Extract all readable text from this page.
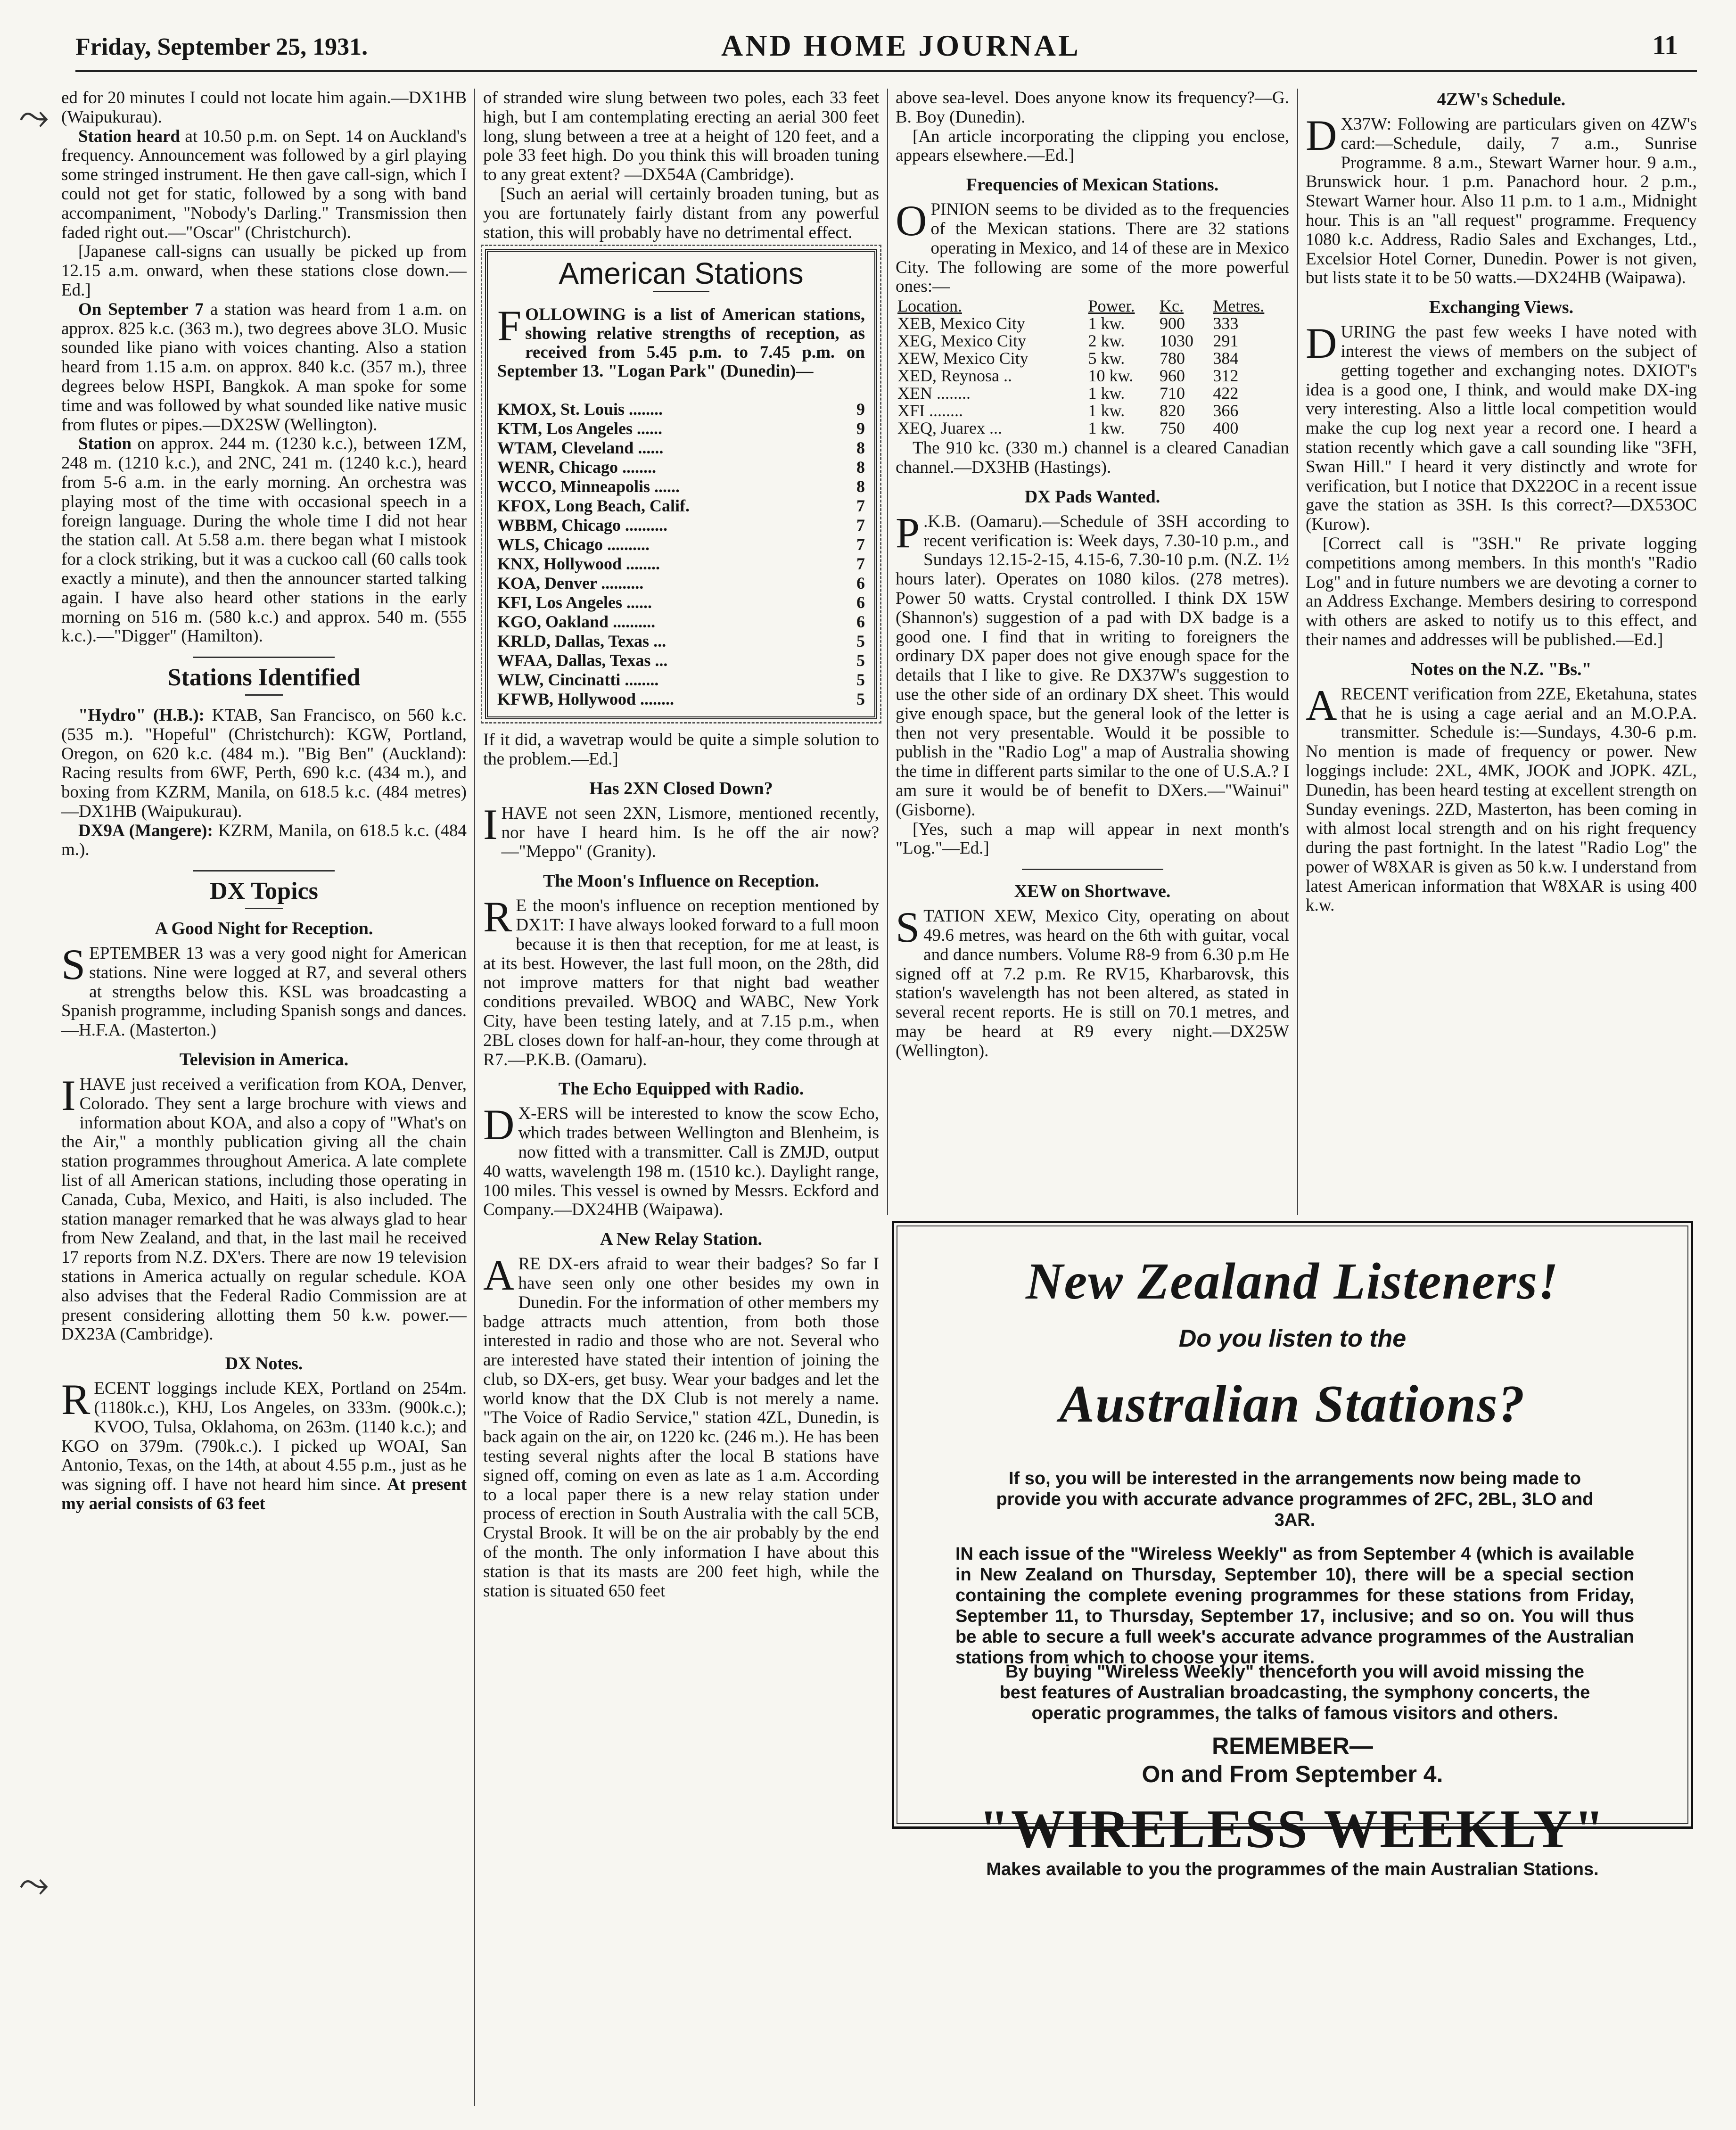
Friday, September 25, 1931.	AND HOME JOURNAL	11
⤳
⤳

ed for 20 minutes I could not locate him again.—DX1HB (Waipukurau).

Station heard at 10.50 p.m. on Sept. 14 on Auckland's frequency. Announcement was followed by a girl playing some stringed instrument. He then gave call-sign, which I could not get for static, followed by a song with band accompaniment, "Nobody's Darling." Transmission then faded right out.—"Oscar" (Christchurch).

[Japanese call-signs can usually be picked up from 12.15 a.m. onward, when these stations close down.—Ed.]

On September 7 a station was heard from 1 a.m. on approx. 825 k.c. (363 m.), two degrees above 3LO. Music sounded like piano with voices chanting. Also a station heard from 1.15 a.m. on approx. 840 k.c. (357 m.), three degrees below HSPI, Bangkok. A man spoke for some time and was followed by what sounded like native music from flutes or pipes.—DX2SW (Wellington).

Station on approx. 244 m. (1230 k.c.), between 1ZM, 248 m. (1210 k.c.), and 2NC, 241 m. (1240 k.c.), heard from 5-6 a.m. in the early morning. An orchestra was playing most of the time with occasional speech in a foreign language. During the whole time I did not hear the station call. At 5.58 a.m. there began what I mistook for a clock striking, but it was a cuckoo call (60 calls took exactly a minute), and then the announcer started talking again. I have also heard other stations in the early morning on 516 m. (580 k.c.) and approx. 540 m. (555 k.c.).—"Digger" (Hamilton).

Stations Identified

"Hydro" (H.B.): KTAB, San Francisco, on 560 k.c. (535 m.). "Hopeful" (Christchurch): KGW, Portland, Oregon, on 620 k.c. (484 m.). "Big Ben" (Auckland): Racing results from 6WF, Perth, 690 k.c. (434 m.), and boxing from KZRM, Manila, on 618.5 k.c. (484 metres) —DX1HB (Waipukurau).

DX9A (Mangere): KZRM, Manila, on 618.5 k.c. (484 m.).

DX Topics
A Good Night for Reception.

SEPTEMBER 13 was a very good night for American stations. Nine were logged at R7, and several others at strengths below this. KSL was broadcasting a Spanish programme, including Spanish songs and dances.—H.F.A. (Masterton.)

Television in America.

IHAVE just received a verification from KOA, Denver, Colorado. They sent a large brochure with views and information about KOA, and also a copy of "What's on the Air," a monthly publication giving all the chain station programmes throughout America. A late complete list of all American stations, including those operating in Canada, Cuba, Mexico, and Haiti, is also included. The station manager remarked that he was always glad to hear from New Zealand, and that, in the last mail he received 17 reports from N.Z. DX'ers. There are now 19 television stations in America actually on regular schedule. KOA also advises that the Federal Radio Commission are at present considering allotting them 50 k.w. power.—DX23A (Cambridge).

DX Notes.

RECENT loggings include KEX, Portland on 254m. (1180k.c.), KHJ, Los Angeles, on 333m. (900k.c.); KVOO, Tulsa, Oklahoma, on 263m. (1140 k.c.); and KGO on 379m. (790k.c.). I picked up WOAI, San Antonio, Texas, on the 14th, at about 4.55 p.m., just as he was signing off. I have not heard him since. At present my aerial consists of 63 feet

of stranded wire slung between two poles, each 33 feet high, but I am contemplating erecting an aerial 300 feet long, slung between a tree at a height of 120 feet, and a pole 33 feet high. Do you think this will broaden tuning to any great extent? —DX54A (Cambridge).

[Such an aerial will certainly broaden tuning, but as you are fortunately fairly distant from any powerful station, this will probably have no detrimental effect.

American Stations
FOLLOWING is a list of American stations, showing relative strengths of reception, as received from 5.45 p.m. to 7.45 p.m. on September 13. "Logan Park" (Dunedin)—
KMOX, St. Louis ........	9
KTM, Los Angeles ......	9
WTAM, Cleveland ......	8
WENR, Chicago ........	8
WCCO, Minneapolis ......	8
KFOX, Long Beach, Calif.	7
WBBM, Chicago ..........	7
WLS, Chicago ..........	7
KNX, Hollywood ........	7
KOA, Denver ..........	6
KFI, Los Angeles ......	6
KGO, Oakland ..........	6
KRLD, Dallas, Texas ...	5
WFAA, Dallas, Texas ...	5
WLW, Cincinatti ........	5
KFWB, Hollywood ........	5

If it did, a wavetrap would be quite a simple solution to the problem.—Ed.]

Has 2XN Closed Down?

IHAVE not seen 2XN, Lismore, mentioned recently, nor have I heard him. Is he off the air now?—"Meppo" (Granity).

The Moon's Influence on Reception.

R E the moon's influence on reception mentioned by DX1T: I have always looked forward to a full moon because it is then that reception, for me at least, is at its best. However, the last full moon, on the 28th, did not improve matters for that night bad weather conditions prevailed. WBOQ and WABC, New York City, have been testing lately, and at 7.15 p.m., when 2BL closes down for half-an-hour, they come through at R7.—P.K.B. (Oamaru).

The Echo Equipped with Radio.

D X-ERS will be interested to know the scow Echo, which trades between Wellington and Blenheim, is now fitted with a transmitter. Call is ZMJD, output 40 watts, wavelength 198 m. (1510 kc.). Daylight range, 100 miles. This vessel is owned by Messrs. Eckford and Company.—DX24HB (Waipawa).

A New Relay Station.

ARE DX-ers afraid to wear their badges? So far I have seen only one other besides my own in Dunedin. For the information of other members my badge attracts much attention, from both those interested in radio and those who are not. Several who are interested have stated their intention of joining the club, so DX-ers, get busy. Wear your badges and let the world know that the DX Club is not merely a name. "The Voice of Radio Service," station 4ZL, Dunedin, is back again on the air, on 1220 kc. (246 m.). He has been testing several nights after the local B stations have signed off, coming on even as late as 1 a.m. According to a local paper there is a new relay station under process of erection in South Australia with the call 5CB, Crystal Brook. It will be on the air probably by the end of the month. The only information I have about this station is that its masts are 200 feet high, while the station is situated 650 feet

above sea-level. Does anyone know its frequency?—G. B. Boy (Dunedin).

[An article incorporating the clipping you enclose, appears elsewhere.—Ed.]

Frequencies of Mexican Stations.

OPINION seems to be divided as to the frequencies of the Mexican stations. There are 32 stations operating in Mexico, and 14 of these are in Mexico City. The following are some of the more powerful ones:—

Location.	Power.	Kc.	Metres.
XEB, Mexico City	1 kw.	900	333
XEG, Mexico City	2 kw.	1030	291
XEW, Mexico City	5 kw.	780	384
XED, Reynosa ..	10 kw.	960	312
XEN ........	1 kw.	710	422
XFI ........	1 kw.	820	366
XEQ, Juarex ...	1 kw.	750	400

The 910 kc. (330 m.) channel is a cleared Canadian channel.—DX3HB (Hastings).

DX Pads Wanted.

P .K.B. (Oamaru).—Schedule of 3SH according to recent verification is: Week days, 7.30-10 p.m., and Sundays 12.15-2-15, 4.15-6, 7.30-10 p.m. (N.Z. 1½ hours later). Operates on 1080 kilos. (278 metres). Power 50 watts. Crystal controlled. I think DX 15W (Shannon's) suggestion of a pad with DX badge is a good one. I find that in writing to foreigners the ordinary DX paper does not give enough space for the details that I like to give. Re DX37W's suggestion to use the other side of an ordinary DX sheet. This would give enough space, but the general look of the letter is then not very presentable. Would it be possible to publish in the "Radio Log" a map of Australia showing the time in different parts similar to the one of U.S.A.? I am sure it would be of benefit to DXers.—"Wainui" (Gisborne).

[Yes, such a map will appear in next month's "Log."—Ed.]

XEW on Shortwave.

STATION XEW, Mexico City, operating on about 49.6 metres, was heard on the 6th with guitar, vocal and dance numbers. Volume R8-9 from 6.30 p.m He signed off at 7.2 p.m. Re RV15, Kharbarovsk, this station's wavelength has not been altered, as stated in several recent reports. He is still on 70.1 metres, and may be heard at R9 every night.—DX25W (Wellington).

4ZW's Schedule.

D X37W: Following are particulars given on 4ZW's card:—Schedule, daily, 7 a.m., Sunrise Programme. 8 a.m., Stewart Warner hour. 9 a.m., Brunswick hour. 1 p.m. Panachord hour. 2 p.m., Stewart Warner hour. Also 11 p.m. to 1 a.m., Midnight hour. This is an "all request" programme. Frequency 1080 k.c. Address, Radio Sales and Exchanges, Ltd., Excelsior Hotel Corner, Dunedin. Power is not given, but lists state it to be 50 watts.—DX24HB (Waipawa).

Exchanging Views.

DURING the past few weeks I have noted with interest the views of members on the subject of getting together and exchanging notes. DXIOT's idea is a good one, I think, and would make DX-ing very interesting. Also a little local competition would make the cup log next year a record one. I heard a station recently which gave a call sounding like "3FH, Swan Hill." I heard it very distinctly and wrote for verification, but I notice that DX22OC in a recent issue gave the station as 3SH. Is this correct?—DX53OC (Kurow).

[Correct call is "3SH." Re private logging competitions among members. In this month's "Radio Log" and in future numbers we are devoting a corner to an Address Exchange. Members desiring to correspond with others are asked to notify us to this effect, and their names and addresses will be published.—Ed.]

Notes on the N.Z. "Bs."

ARECENT verification from 2ZE, Eketahuna, states that he is using a cage aerial and an M.O.P.A. transmitter. Schedule is:—Sundays, 4.30-6 p.m. No mention is made of frequency or power. New loggings include: 2XL, 4MK, JOOK and JOPK. 4ZL, Dunedin, has been heard testing at excellent strength on Sunday evenings. 2ZD, Masterton, has been coming in with almost local strength and on his right frequency during the past fortnight. In the latest "Radio Log" the power of W8XAR is given as 50 k.w. I understand from latest American information that W8XAR is using 400 k.w.

New Zealand Listeners!
Do you listen to the
Australian Stations?
If so, you will be interested in the arrangements now being made to provide you with accurate advance programmes of 2FC, 2BL, 3LO and 3AR.
IN each issue of the "Wireless Weekly" as from September 4 (which is available in New Zealand on Thursday, September 10), there will be a special section containing the complete evening programmes for these stations from Friday, September 11, to Thursday, September 17, inclusive; and so on. You will thus be able to secure a full week's accurate advance programmes of the Australian stations from which to choose your items.
By buying "Wireless Weekly" thenceforth you will avoid missing the best features of Australian broadcasting, the symphony concerts, the operatic programmes, the talks of famous visitors and others.
REMEMBER—
On and From September 4.
"WIRELESS WEEKLY"
Makes available to you the programmes of the main Australian Stations.
